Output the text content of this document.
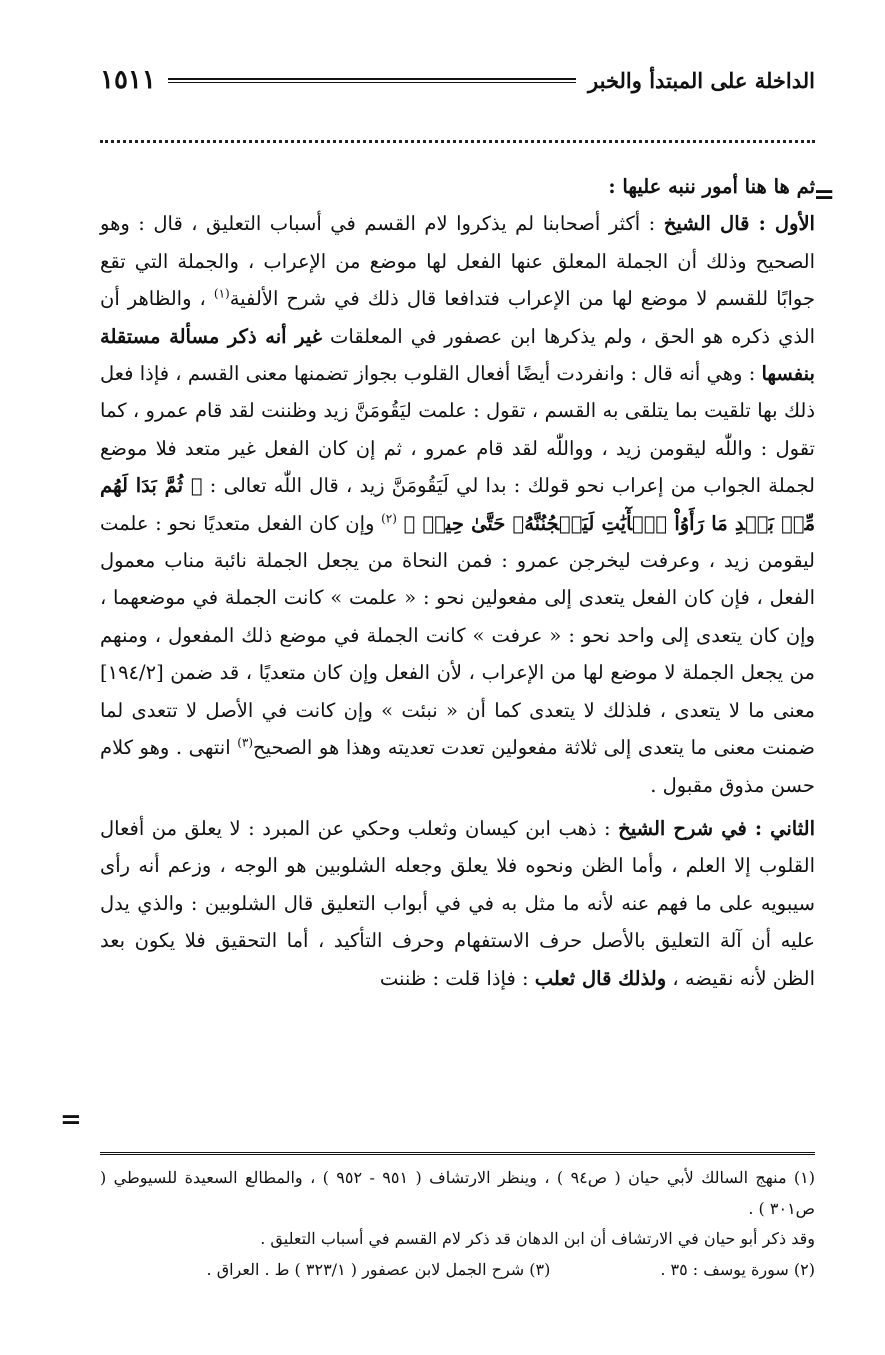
الداخلة على المبتدأ والخبر
١٥١١
=

ثم ها هنا أمور ننبه عليها :

الأول : قال الشيخ : أكثر أصحابنا لم يذكروا لام القسم في أسباب التعليق ، قال : وهو الصحيح وذلك أن الجملة المعلق عنها الفعل لها موضع من الإعراب ، والجملة التي تقع جوابًا للقسم لا موضع لها من الإعراب فتدافعا قال ذلك في شرح الألفية$^{(١)}$ ، والظاهر أن الذي ذكره هو الحق ، ولم يذكرها ابن عصفور في المعلقات غير أنه ذكر مسألة مستقلة بنفسها : وهي أنه قال : وانفردت أيضًا أفعال القلوب بجواز تضمنها معنى القسم ، فإذا فعل ذلك بها تلقيت بما يتلقى به القسم ، تقول : علمت ليَقُومَنَّ زيد وظننت لقد قام عمرو ، كما تقول : واللّٰه ليقومن زيد ، وواللّٰه لقد قام عمرو ، ثم إن كان الفعل غير متعد فلا موضع لجملة الجواب من إعراب نحو قولك : بدا لي لَيَقُومَنَّ زيد ، قال اللّٰه تعالى : ﴿ ثُمَّ بَدَا لَهُم مِّنۢ بَعۡدِ مَا رَأَوُاْ ٱلۡأٓيَٰتِ لَيَسۡجُنُنَّهُۥ حَتَّىٰ حِينٖ ﴾ $^{(٢)}$ وإن كان الفعل متعديًا نحو : علمت ليقومن زيد ، وعرفت ليخرجن عمرو : فمن النحاة من يجعل الجملة نائبة مناب معمول الفعل ، فإن كان الفعل يتعدى إلى مفعولين نحو : « علمت » كانت الجملة في موضعهما ، وإن كان يتعدى إلى واحد نحو : « عرفت » كانت الجملة في موضع ذلك المفعول ، ومنهم من يجعل الجملة لا موضع لها من الإعراب ، لأن الفعل وإن كان متعديًا ، قد ضمن [١٩٤/٢] معنى ما لا يتعدى ، فلذلك لا يتعدى كما أن « نبئت » وإن كانت في الأصل لا تتعدى لما ضمنت معنى ما يتعدى إلى ثلاثة مفعولين تعدت تعديته وهذا هو الصحيح$^{(٣)}$ انتهى . وهو كلام حسن مذوق مقبول .

الثاني : في شرح الشيخ : ذهب ابن كيسان وثعلب وحكي عن المبرد : لا يعلق من أفعال القلوب إلا العلم ، وأما الظن ونحوه فلا يعلق وجعله الشلوبين هو الوجه ، وزعم أنه رأى سيبويه على ما فهم عنه لأنه ما مثل به في في أبواب التعليق قال الشلوبين : والذي يدل عليه أن آلة التعليق بالأصل حرف الاستفهام وحرف التأكيد ، أما التحقيق فلا يكون بعد الظن لأنه نقيضه ، ولذلك قال ثعلب : فإذا قلت : ظننت

=

(١) منهج السالك لأبي حيان ( ص٩٤ ) ، وينظر الارتشاف ( ٩٥١ - ٩٥٢ ) ، والمطالع السعيدة للسيوطي ( ص٣٠١ ) .

وقد ذكر أبو حيان في الارتشاف أن ابن الدهان قد ذكر لام القسم في أسباب التعليق .

(٢) سورة يوسف : ٣٥ .
(٣) شرح الجمل لابن عصفور ( ٣٢٣/١ ) ط . العراق .
